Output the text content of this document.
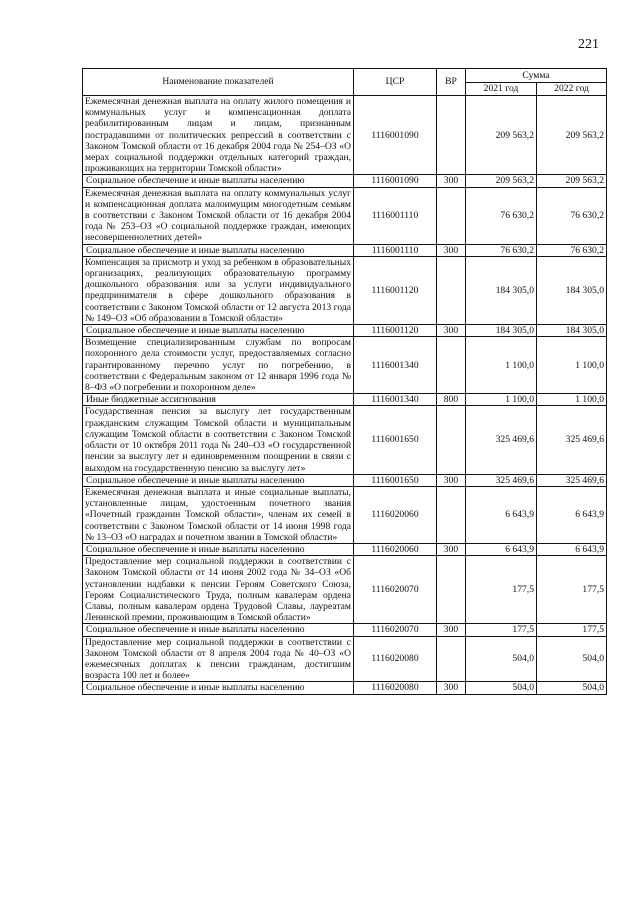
221
Наименование показателей	ЦСР	ВР	Сумма	
			2021 год	2022 год
Ежемесячная денежная выплата на оплату жилого помещения и коммунальных услуг и компенсационная доплата реабилитированным лицам и лицам, признанным пострадавшими от политических репрессий в соответствии с Законом Томской области от 16 декабря 2004 года № 254–ОЗ «О мерах социальной поддержки отдельных категорий граждан, проживающих на территории Томской области»	1116001090		209 563,2	209 563,2
Социальное обеспечение и иные выплаты населению	1116001090	300	209 563,2	209 563,2
Ежемесячная денежная выплата на оплату коммунальных услуг и компенсационная доплата малоимущим многодетным семьям в соответствии с Законом Томской области от 16 декабря 2004 года № 253–ОЗ «О социальной поддержке граждан, имеющих несовершеннолетних детей»	1116001110		76 630,2	76 630,2
Социальное обеспечение и иные выплаты населению	1116001110	300	76 630,2	76 630,2
Компенсация за присмотр и уход за ребенком в образовательных организациях, реализующих образовательную программу дошкольного образования или за услуги индивидуального предпринимателя в сфере дошкольного образования в соответствии с Законом Томской области от 12 августа 2013 года № 149–ОЗ «Об образовании в Томской области»	1116001120		184 305,0	184 305,0
Социальное обеспечение и иные выплаты населению	1116001120	300	184 305,0	184 305,0
Возмещение специализированным службам по вопросам похоронного дела стоимости услуг, предоставляемых согласно гарантированному перечню услуг по погребению, в соответствии с Федеральным законом от 12 января 1996 года № 8–ФЗ «О погребении и похоронном деле»	1116001340		1 100,0	1 100,0
Иные бюджетные ассигнования	1116001340	800	1 100,0	1 100,0
Государственная пенсия за выслугу лет государственным гражданским служащим Томской области и муниципальным служащим Томской области в соответствии с Законом Томской области от 10 октября 2011 года № 240–ОЗ «О государственной пенсии за выслугу лет и единовременном поощрении в связи с выходом на государственную пенсию за выслугу лет»	1116001650		325 469,6	325 469,6
Социальное обеспечение и иные выплаты населению	1116001650	300	325 469,6	325 469,6
Ежемесячная денежная выплата и иные социальные выплаты, установленные лицам, удостоенным почетного звания «Почетный гражданин Томской области», членам их семей в соответствии с Законом Томской области от 14 июня 1998 года № 13–ОЗ «О наградах и почетном звании в Томской области»	1116020060		6 643,9	6 643,9
Социальное обеспечение и иные выплаты населению	1116020060	300	6 643,9	6 643,9
Предоставление мер социальной поддержки в соответствии с Законом Томской области от 14 июня 2002 года № 34–ОЗ «Об установлении надбавки к пенсии Героям Советского Союза, Героям Социалистического Труда, полным кавалерам ордена Славы, полным кавалерам ордена Трудовой Славы, лауреатам Ленинской премии, проживающим в Томской области»	1116020070		177,5	177,5
Социальное обеспечение и иные выплаты населению	1116020070	300	177,5	177,5
Предоставление мер социальной поддержки в соответствии с Законом Томской области от 8 апреля 2004 года № 40–ОЗ «О ежемесячных доплатах к пенсии гражданам, достигшим возраста 100 лет и более»	1116020080		504,0	504,0
Социальное обеспечение и иные выплаты населению	1116020080	300	504,0	504,0
